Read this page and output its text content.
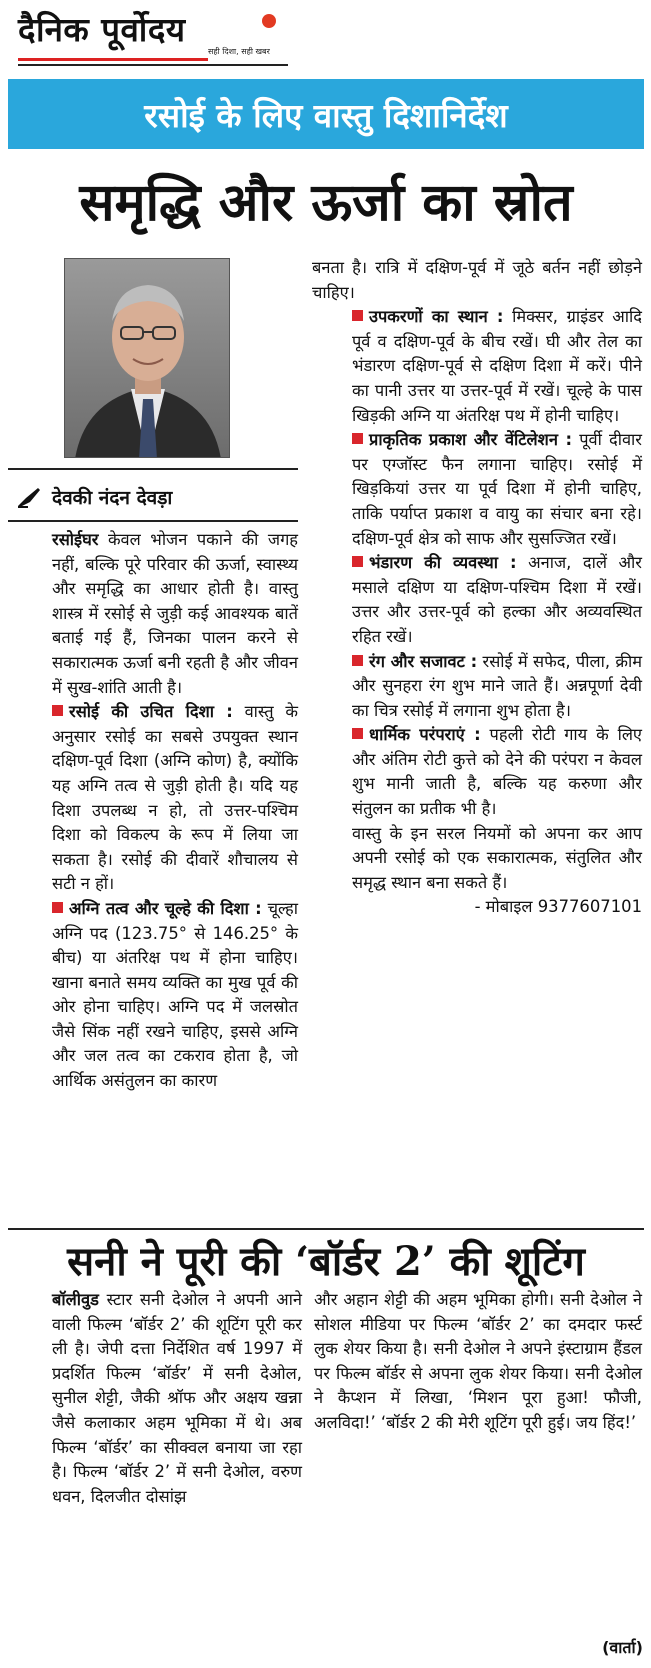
दैनिक पूर्वोदय
सही दिशा, सही खबर
रसोई के लिए वास्तु दिशानिर्देश
समृद्धि और ऊर्जा का स्रोत
देवकी नंदन देवड़ा

रसोईघर केवल भोजन पकाने की जगह नहीं, बल्कि पूरे परिवार की ऊर्जा, स्वास्थ्य और समृद्धि का आधार होती है। वास्तु शास्त्र में रसोई से जुड़ी कई आवश्यक बातें बताई गई हैं, जिनका पालन करने से सकारात्मक ऊर्जा बनी रहती है और जीवन में सुख-शांति आती है।

रसोई की उचित दिशा : वास्तु के अनुसार रसोई का सबसे उपयुक्त स्थान दक्षिण-पूर्व दिशा (अग्नि कोण) है, क्योंकि यह अग्नि तत्व से जुड़ी होती है। यदि यह दिशा उपलब्ध न हो, तो उत्तर-पश्चिम दिशा को विकल्प के रूप में लिया जा सकता है। रसोई की दीवारें शौचालय से सटी न हों।

अग्नि तत्व और चूल्हे की दिशा : चूल्हा अग्नि पद (123.75° से 146.25° के बीच) या अंतरिक्ष पथ में होना चाहिए। खाना बनाते समय व्यक्ति का मुख पूर्व की ओर होना चाहिए। अग्नि पद में जलस्रोत जैसे सिंक नहीं रखने चाहिए, इससे अग्नि और जल तत्व का टकराव होता है, जो आर्थिक असंतुलन का कारण

बनता है। रात्रि में दक्षिण-पूर्व में जूठे बर्तन नहीं छोड़ने चाहिए।

उपकरणों का स्थान : मिक्सर, ग्राइंडर आदि पूर्व व दक्षिण-पूर्व के बीच रखें। घी और तेल का भंडारण दक्षिण-पूर्व से दक्षिण दिशा में करें। पीने का पानी उत्तर या उत्तर-पूर्व में रखें। चूल्हे के पास खिड़की अग्नि या अंतरिक्ष पथ में होनी चाहिए।

प्राकृतिक प्रकाश और वेंटिलेशन : पूर्वी दीवार पर एग्जॉस्ट फैन लगाना चाहिए। रसोई में खिड़कियां उत्तर या पूर्व दिशा में होनी चाहिए, ताकि पर्याप्त प्रकाश व वायु का संचार बना रहे। दक्षिण-पूर्व क्षेत्र को साफ और सुसज्जित रखें।

भंडारण की व्यवस्था : अनाज, दालें और मसाले दक्षिण या दक्षिण-पश्चिम दिशा में रखें। उत्तर और उत्तर-पूर्व को हल्का और अव्यवस्थित रहित रखें।

रंग और सजावट : रसोई में सफेद, पीला, क्रीम और सुनहरा रंग शुभ माने जाते हैं। अन्नपूर्णा देवी का चित्र रसोई में लगाना शुभ होता है।

धार्मिक परंपराएं : पहली रोटी गाय के लिए और अंतिम रोटी कुत्ते को देने की परंपरा न केवल शुभ मानी जाती है, बल्कि यह करुणा और संतुलन का प्रतीक भी है।

वास्तु के इन सरल नियमों को अपना कर आप अपनी रसोई को एक सकारात्मक, संतुलित और समृद्ध स्थान बना सकते हैं।

- मोबाइल 9377607101

सनी ने पूरी की ‘बॉर्डर 2’ की शूटिंग

बॉलीवुड स्टार सनी देओल ने अपनी आने वाली फिल्म ‘बॉर्डर 2’ की शूटिंग पूरी कर ली है। जेपी दत्ता निर्देशित वर्ष 1997 में प्रदर्शित फिल्म ‘बॉर्डर’ में सनी देओल, सुनील शेट्टी, जैकी श्रॉफ और अक्षय खन्ना जैसे कलाकार अहम भूमिका में थे। अब फिल्म ‘बॉर्डर’ का सीक्वल बनाया जा रहा है। फिल्म ‘बॉर्डर 2’ में सनी देओल, वरुण धवन, दिलजीत दोसांझ

और अहान शेट्टी की अहम भूमिका होगी। सनी देओल ने सोशल मीडिया पर फिल्म ‘बॉर्डर 2’ का दमदार फर्स्ट लुक शेयर किया है। सनी देओल ने अपने इंस्टाग्राम हैंडल पर फिल्म बॉर्डर से अपना लुक शेयर किया। सनी देओल ने कैप्शन में लिखा, ‘मिशन पूरा हुआ! फौजी, अलविदा!’ ‘बॉर्डर 2 की मेरी शूटिंग पूरी हुई। जय हिंद!’

(वार्ता)
